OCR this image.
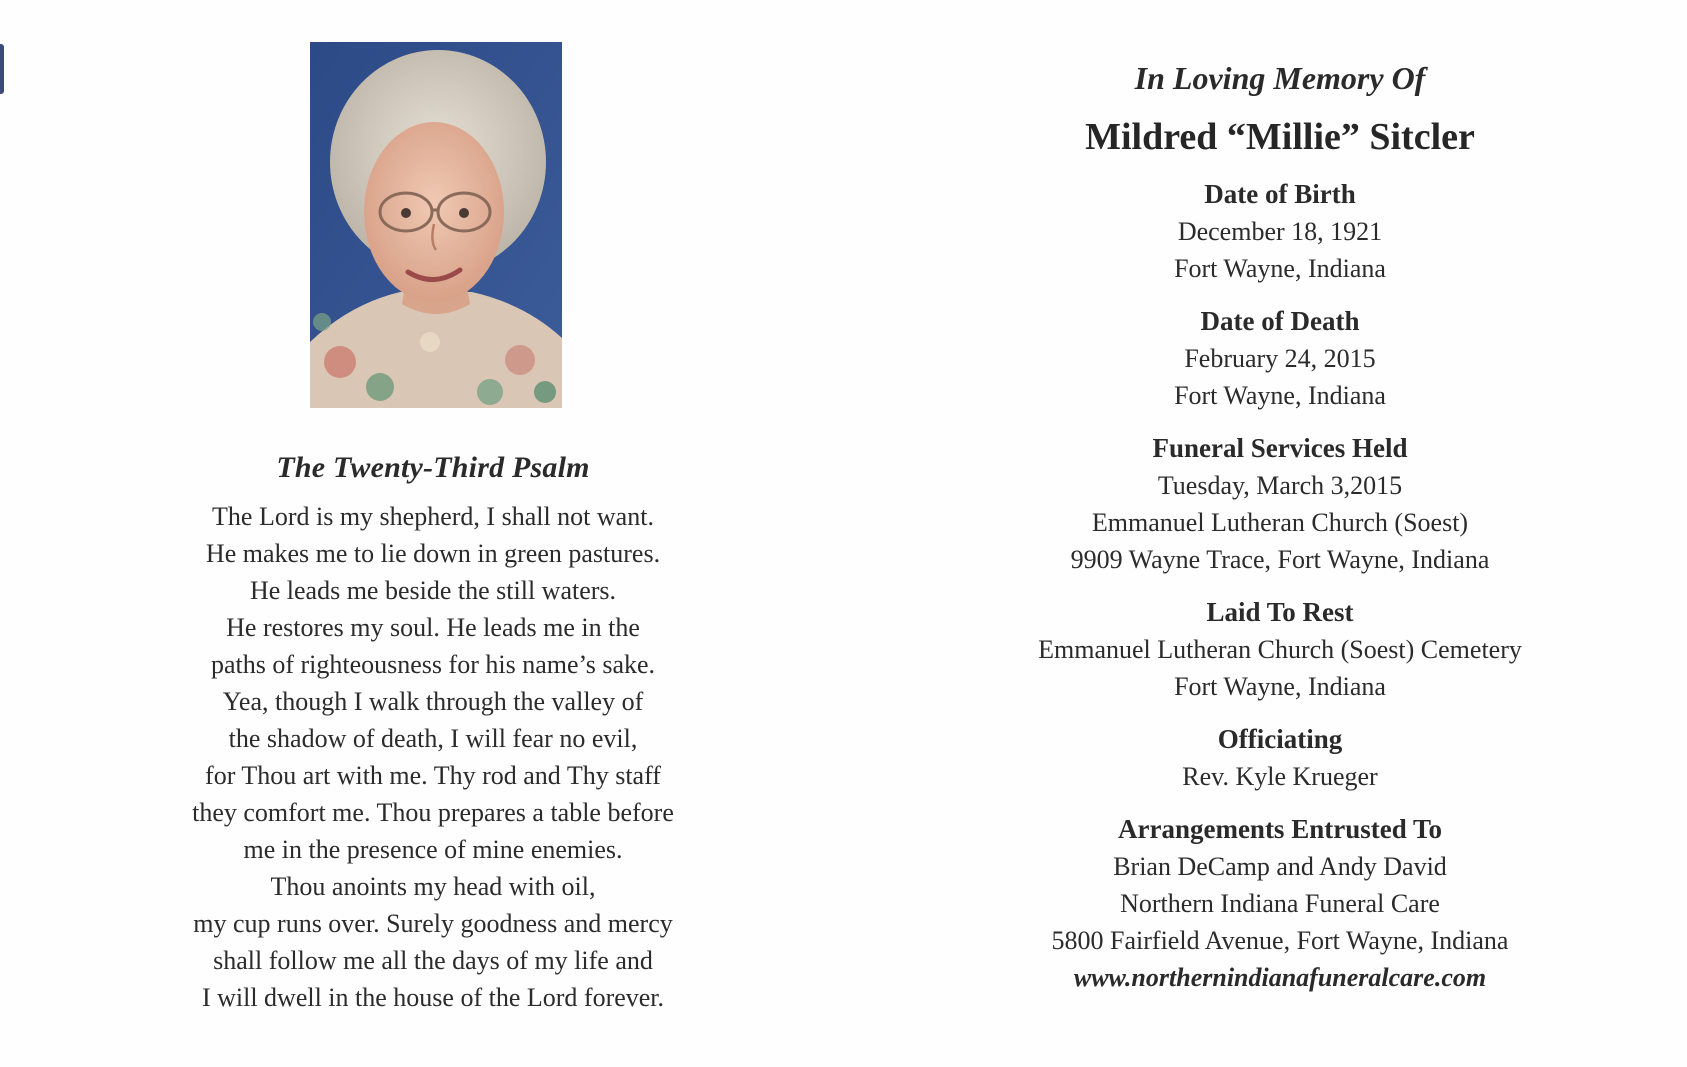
The Twenty-Third Psalm
The Lord is my shepherd, I shall not want.
He makes me to lie down in green pastures.
He leads me beside the still waters.
He restores my soul. He leads me in the
paths of righteousness for his name’s sake.
Yea, though I walk through the valley of
the shadow of death, I will fear no evil,
for Thou art with me. Thy rod and Thy staff
they comfort me. Thou prepares a table before
me in the presence of mine enemies.
Thou anoints my head with oil,
my cup runs over. Surely goodness and mercy
shall follow me all the days of my life and
I will dwell in the house of the Lord forever.
In Loving Memory Of
Mildred “Millie” Sitcler
Date of Birth
December 18, 1921
Fort Wayne, Indiana
Date of Death
February 24, 2015
Fort Wayne, Indiana
Funeral Services Held
Tuesday, March 3,2015
Emmanuel Lutheran Church (Soest)
9909 Wayne Trace, Fort Wayne, Indiana
Laid To Rest
Emmanuel Lutheran Church (Soest) Cemetery
Fort Wayne, Indiana
Officiating
Rev. Kyle Krueger
Arrangements Entrusted To
Brian DeCamp and Andy David
Northern Indiana Funeral Care
5800 Fairfield Avenue, Fort Wayne, Indiana
www.northernindianafuneralcare.com
